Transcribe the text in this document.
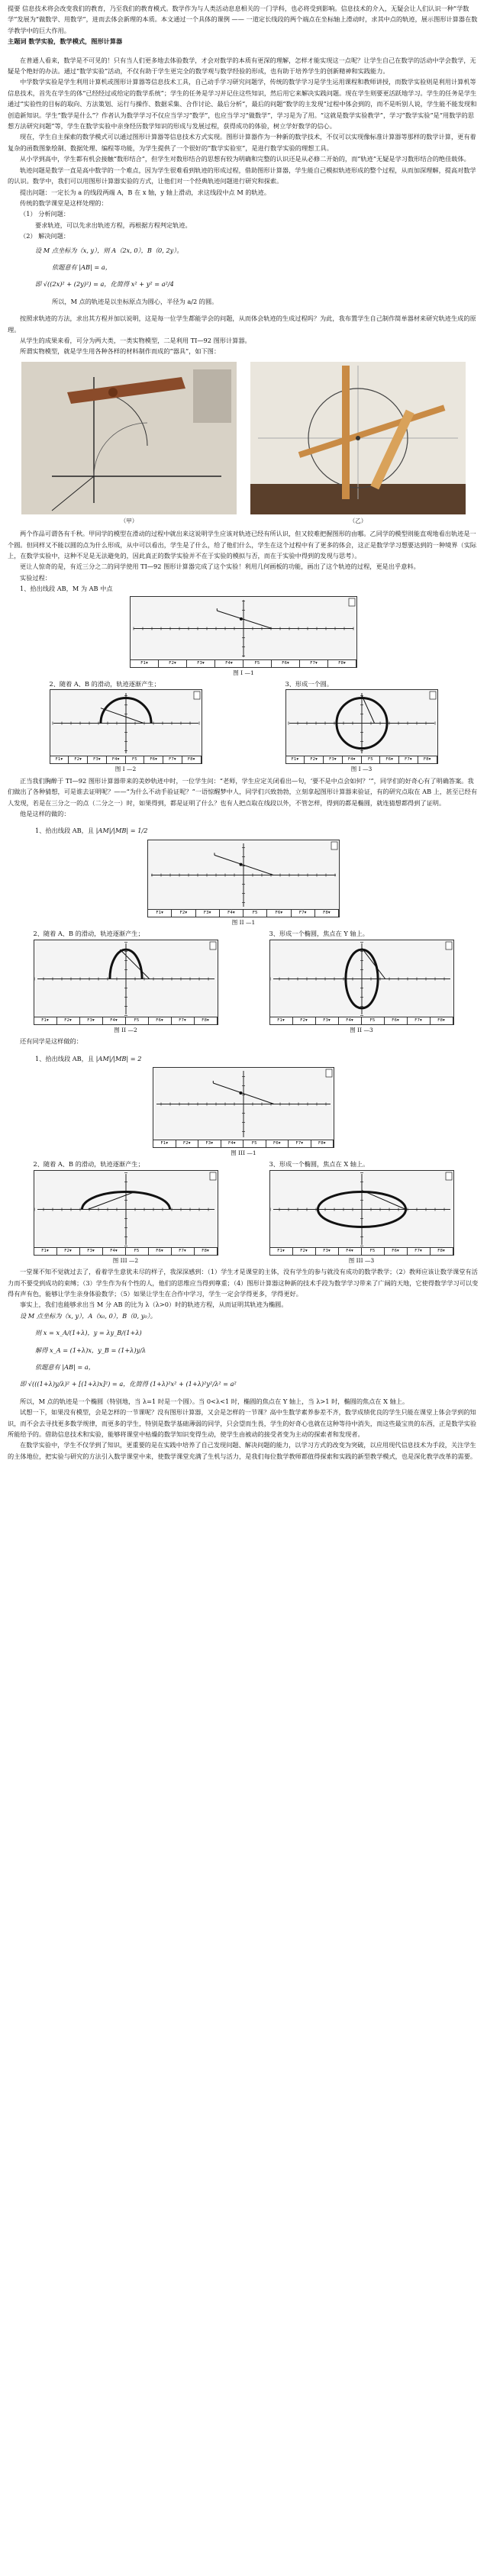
提要 信息技术将会改变我们的教育，乃至我们的教育模式。数学作为与人类活动息息相关的一门学科，也必将受到影响。信息技术的介入，无疑会让人们认识一种“学数学”发展为“做数学、用数学”，进而去体会新理的本质。本文通过一个具体的课例 —— 一道定长线段的两个端点在坐标轴上滑动时，求其中点的轨迹，展示图形计算器在数学教学中的巨大作用。

主题词 数学实验，数学模式，图形计算器

在普通人看来，数学是不可见的！只有当人们更多地去体验数学，才会对数学的本质有更深的理解，怎样才能实现这一点呢？让学生自己在数学的活动中学会数学，无疑是个绝好的办法。通过“数学实验”活动，不仅有助于学生更完全的数学观与数学经验的形成，也有助于培养学生的创新精神和实践能力。

中学数学实验是学生利用计算机或图形计算器等信息技术工具，自己动手学习研究问题学，传统的数学学习是学生运用课程和教师讲授，而数学实验则是利用计算机等信息技术，首先在学生的体“已经经过或给定的数学系统”；学生的任务是学习并记住这些知识，然后用它来解决实践问题。现在学生则要更活跃地学习。学生的任务是学生通过“实验性的目标的取向、方法策划、运行与操作、数据采集、合作讨论、最后分析”，最后的问题“数学的主发现”过程中体会到的，而不是听别人说，学生能不能发现和创造新知识。学生“数学是什么”？作者认为数学学习不仅应当学习“数学”，也应当学习“做数学”，学习是为了用。“这就是数学实验教学”，学习“数学实验”是“用数学的思想方法研究问题”等，学生在数学实验中亲身经历数学知识的形成与发展过程，获得成功的体验，树立学好数学的信心。

现在，学生自主探索的数学模式可以通过图形计算器等信息技术方式实现。图形计算器作为一种新的数学技术，不仅可以实现像标准计算器等那样的数学计算，更有着复杂的函数图象绘制、数据处理、编程等功能，为学生提供了一个很好的“数学实验室”，是进行数学实验的理想工具。

从小学到高中，学生都有机会接触“数形结合”，但学生对数形结合的思想有较为明确和完整的认识还是从必修二开始的，而“轨迹”无疑是学习数形结合的绝佳载体。

轨迹问题是数学一直是高中数学的一个难点，因为学生很难看到轨迹的形成过程，借助图形计算器，学生能自己模拟轨迹形成的整个过程，从而加深理解，提高对数学的认识。数学中，我们可以用图形计算器实验的方式，让他们对一个经典轨迹问题进行研究和探索。

提出问题：一定长为 a 的线段两端 A，B 在 x 轴，y 轴上滑动，求这线段中点 M 的轨迹。

传统的数学课堂是这样处理的：

（1） 分析问题：

要求轨迹，可以先求出轨迹方程，再根据方程判定轨迹。

（2） 解决问题：

设 M 点坐标为（x, y），则 A（2x, 0），B（0, 2y）。

依题意有 |AB| = a，

即 √((2x)² + (2y)²) = a，化简得 x² + y² = a²/4

所以，M 点的轨迹是以坐标原点为圆心，半径为 a/2 的圆。

按照求轨迹的方法，求出其方程并加以说明，这是每一位学生都能学会的问题，从而体会轨迹的生成过程吗？为此，我布置学生自己制作简单器材来研究轨迹生成的原理。

从学生的成果来看，可分为两大类，一类实物模型，二是利用 TI—92 图形计算器。

所谓实物模型，就是学生用各种各样的材料制作而成的“器具”，如下图：

（甲）	（乙）

两个作品可谓各有千秋。甲同学的模型在滑动的过程中就出来这说明学生应该对轨迹已经有所认识，但又较难把握图形的由哪。乙同学的模型则能直观地看出轨迹是一个圆。但同样又不能以圆的点为什么形成，从中可以看出，学生是了什么，给了他们什么，学生在这个过程中有了更多的体会，这正是数学学习想要达到的一种境界（实际上，在数学实验中，这种不足是无法避免的，因此真正的数学实验并不在于实验的模拟与否，而在于实验中得到的发现与思考）。

更让人惊奇的是，有近三分之二的同学使用 TI—92 图形计算器完成了这个实验！利用几何画板的功能，画出了这个轨迹的过程，更是出乎意料。

实验过程：

1、拾出线段 AB，M 为 AB 中点

F1▾	F2▾	F3▾	F4▾	F5	F6▾	F7▾	F8▾

图 I —1

2、随着 A、B 的滑动，轨迹逐渐产生；

F1▾	F2▾	F3▾	F4▾	F5	F6▾	F7▾	F8▾

图 I —2

3、形成一个圆。

F1▾	F2▾	F3▾	F4▾	F5	F6▾	F7▾	F8▾

图 I —3

正当我们胸醉于 TI—92 图形计算器带来的美妙轨迹中时，一位学生问：“老师，学生应定关闭看出—句，‘要不是中点会如何？’”，同学们的好奇心有了明确答案。我们做出了各种猜想，可是谁去证明呢？——“为什么不动手验证呢？”一语惊醒梦中人，同学们兴致勃勃，立刻拿起图形计算器来验证，有的研究点取在 AB 上，甚至已经有人发现，若是在三分之一的点（二分之一）时，如果得到，都是证明了什么？也有人把点取在线段以外，不管怎样，得到的都是椭圆，就连猜想都得到了证明。

他是这样的做的：

1、拾出线段 AB，且 |AM|/|MB| = 1/2

F1▾	F2▾	F3▾	F4▾	F5	F6▾	F7▾	F8▾

图 II —1

2、随着 A、B 的滑动，轨迹逐渐产生；

F1▾	F2▾	F3▾	F4▾	F5	F6▾	F7▾	F8▾

图 II —2

3、形成一个椭圆，焦点在 Y 轴上。

F1▾	F2▾	F3▾	F4▾	F5	F6▾	F7▾	F8▾

图 II —3

还有同学是这样做的：

1、拾出线段 AB，且 |AM|/|MB| = 2

F1▾	F2▾	F3▾	F4▾	F5	F6▾	F7▾	F8▾

图 III —1

2、随着 A、B 的滑动，轨迹逐渐产生；

F1▾	F2▾	F3▾	F4▾	F5	F6▾	F7▾	F8▾

图 III —2

3、形成一个椭圆，焦点在 X 轴上。

F1▾	F2▾	F3▾	F4▾	F5	F6▾	F7▾	F8▾

图 III —3

一堂课不知不觉就过去了，看着学生意犹未尽的样子，我深深感到：（1）学生才是课堂的主体，没有学生的参与就没有成功的数学教学；（2）教师应该让数学课堂有活力而不要受到成功的束缚；（3）学生作为有个性的人，他们的思维应当得到尊重；（4）图形计算器这种新的技术手段为数学学习带来了广阔的天地，它使得数学学习可以变得有声有色，能够让学生亲身体验数学；（5）如果让学生在合作中学习，学生一定会学得更多，学得更好。

事实上，我们也能够求出当 M 分 AB 的比为 λ（λ>0）时的轨迹方程，从而证明其轨迹为椭圆。

设 M 点坐标为（x, y），A（x₀, 0），B（0, y₀）。

则 x = x_A/(1+λ)，y = λy_B/(1+λ)

解得 x_A = (1+λ)x，y_B = (1+λ)y/λ

依题意有 |AB| = a，

即 √(((1+λ)y/λ)² + [(1+λ)x]²) = a，化简得 (1+λ)²x² + (1+λ)²y²/λ² = a²

所以，M 点的轨迹是一个椭圆（特别地，当 λ=1 时是一个圆）。当 0<λ<1 时，椭圆的焦点在 Y 轴上，当 λ>1 时，椭圆的焦点在 X 轴上。

试想一下，如果没有模型，会是怎样的一节课呢？没有图形计算器，又会是怎样的一节课？高中生数学素养参差不齐，数学成绩优良的学生只能在课堂上体会学到的知识，而不会去寻找更多数学规律，而更多的学生，特别是数学基础薄弱的同学，只会望而生畏，学生的好奇心也就在这种等待中消失，而这些最宝贵的东西，正是数学实验所能给予的。借助信息技术和实验，能够将课堂中枯燥的数学知识变得生动，使学生由被动的接受者变为主动的探索者和发现者。

在数学实验中，学生不仅学到了知识，更重要的是在实践中培养了自己发现问题、解决问题的能力，以学习方式的改变为突破，以应用现代信息技术为手段，关注学生的主体地位，把实验与研究的方法引入数学课堂中来，使数学课堂充满了生机与活力，是我们每位数学教师都值得探索和实践的新型教学模式，也是深化教学改革的需要。
